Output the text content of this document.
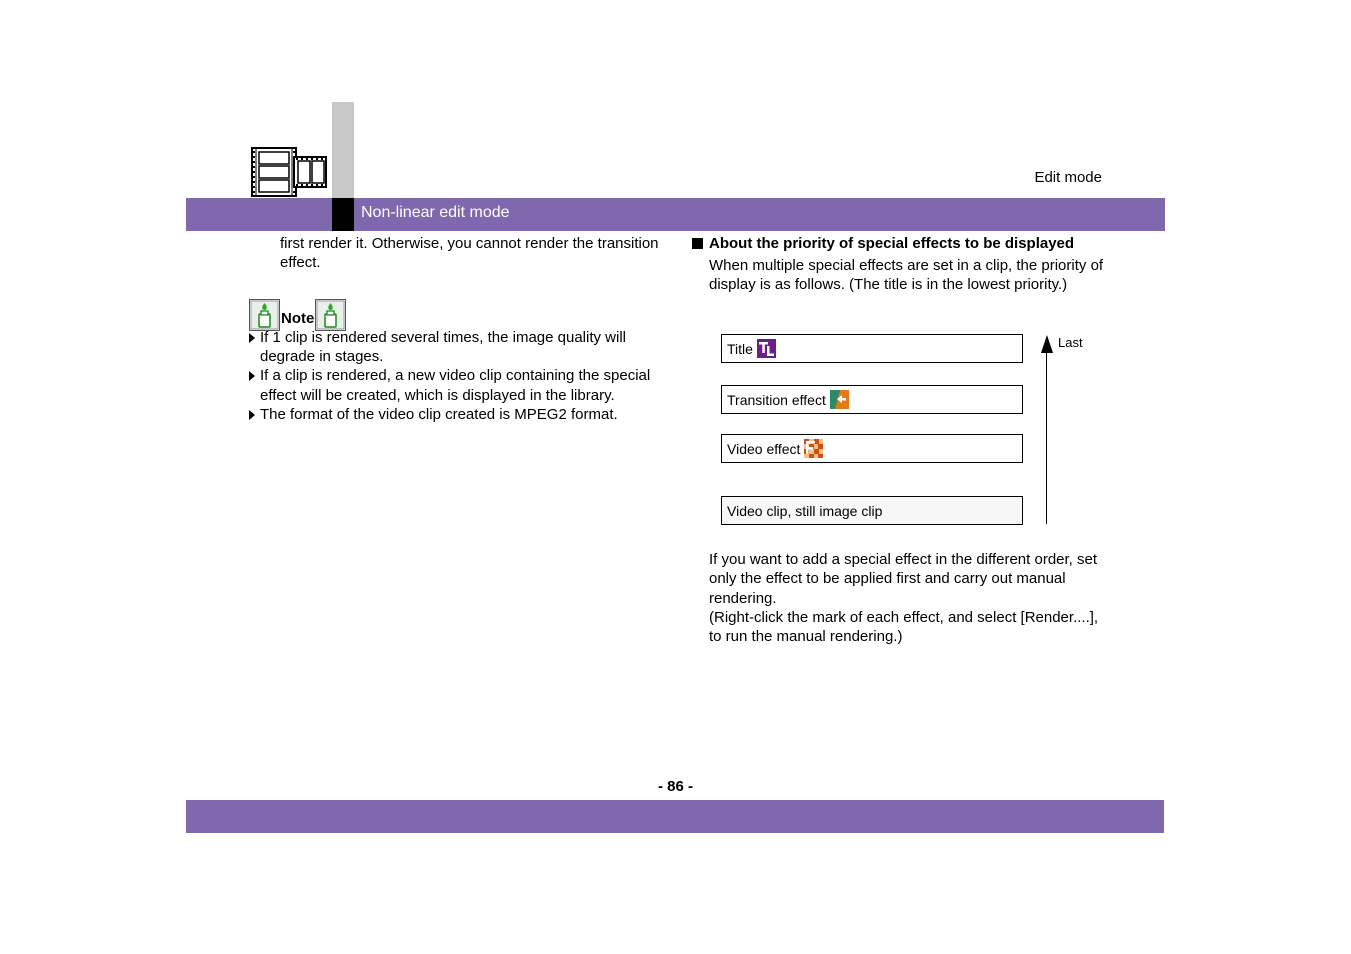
Edit mode
Non-linear edit mode
first render it. Otherwise, you cannot render the transition effect.
Note
If 1 clip is rendered several times, the image quality will degrade in stages.
If a clip is rendered, a new video clip containing the special effect will be created, which is displayed in the library.
The format of the video clip created is MPEG2 format.
About the priority of special effects to be displayed
When multiple special effects are set in a clip, the priority of display is as follows. (The title is in the lowest priority.)
Title
Transition effect
Video effect
Video clip, still image clip
Last
If you want to add a special effect in the different order, set only the effect to be applied first and carry out manual rendering.
(Right-click the mark of each effect, and select [Render....], to run the manual rendering.)
- 86 -
